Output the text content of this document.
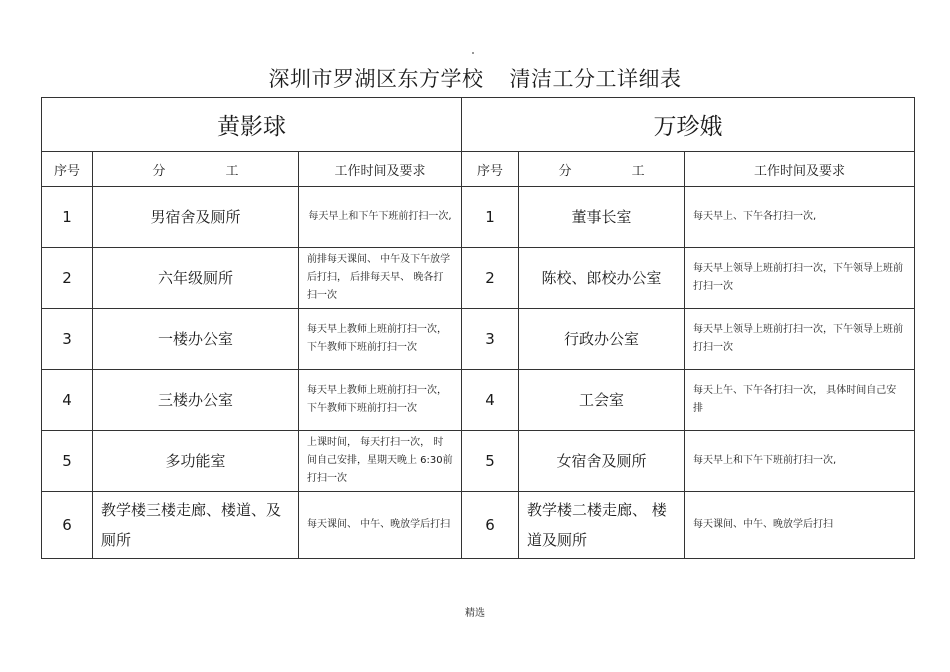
深圳市罗湖区东方学校 清洁工分工详细表
黄影球			万珍娥		
序号	分 工	工作时间及要求	序号	分 工	工作时间及要求
1	男宿舍及厕所	每天早上和下午下班前打扫一次,	1	董事长室	每天早上、下午各打扫一次,
2	六年级厕所	前排每天课间、 中午及下午放学后打扫， 后排每天早、 晚各打扫一次	2	陈校、郎校办公室	每天早上领导上班前打扫一次，下午领导上班前打扫一次
3	一楼办公室	每天早上教师上班前打扫一次，下午教师下班前打扫一次	3	行政办公室	每天早上领导上班前打扫一次，下午领导上班前打扫一次
4	三楼办公室	每天早上教师上班前打扫一次，下午教师下班前打扫一次	4	工会室	每天上午、下午各打扫一次， 具体时间自己安排
5	多功能室	上课时间， 每天打扫一次， 时间自己安排，星期天晚上 6:30前打扫一次	5	女宿舍及厕所	每天早上和下午下班前打扫一次,
6	教学楼三楼走廊、楼道、及厕所	每天课间、 中午、晚放学后打扫	6	教学楼二楼走廊、 楼道及厕所	每天课间、中午、晚放学后打扫
精选
